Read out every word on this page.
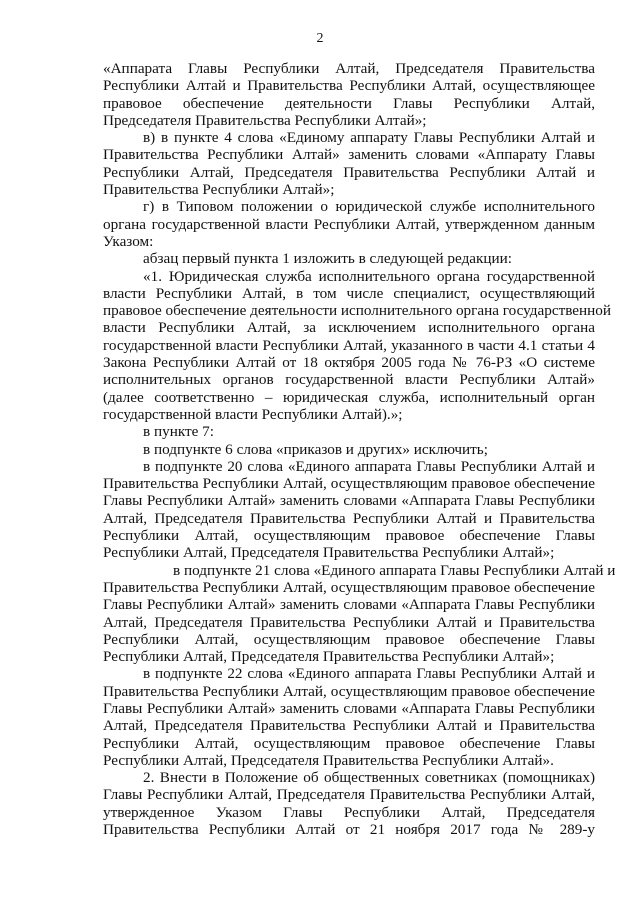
2
«Аппарата Главы Республики Алтай, Председателя Правительства
Республики Алтай и Правительства Республики Алтай, осуществляющее
правовое обеспечение деятельности Главы Республики Алтай,
Председателя Правительства Республики Алтай»;
в) в пункте 4 слова «Единому аппарату Главы Республики Алтай и
Правительства Республики Алтай» заменить словами «Аппарату Главы
Республики Алтай, Председателя Правительства Республики Алтай и
Правительства Республики Алтай»;
г) в Типовом положении о юридической службе исполнительного
органа государственной власти Республики Алтай, утвержденном данным
Указом:
абзац первый пункта 1 изложить в следующей редакции:
«1. Юридическая служба исполнительного органа государственной
власти Республики Алтай, в том числе специалист, осуществляющий
правовое обеспечение деятельности исполнительного органа государственной
власти Республики Алтай, за исключением исполнительного органа
государственной власти Республики Алтай, указанного в части 4.1 статьи 4
Закона Республики Алтай от 18 октября 2005 года № 76-РЗ «О системе
исполнительных органов государственной власти Республики Алтай»
(далее соответственно – юридическая служба, исполнительный орган
государственной власти Республики Алтай).»;
в пункте 7:
в подпункте 6 слова «приказов и других» исключить;
в подпункте 20 слова «Единого аппарата Главы Республики Алтай и
Правительства Республики Алтай, осуществляющим правовое обеспечение
Главы Республики Алтай» заменить словами «Аппарата Главы Республики
Алтай, Председателя Правительства Республики Алтай и Правительства
Республики Алтай, осуществляющим правовое обеспечение Главы
Республики Алтай, Председателя Правительства Республики Алтай»;
в подпункте 21 слова «Единого аппарата Главы Республики Алтай и
Правительства Республики Алтай, осуществляющим правовое обеспечение
Главы Республики Алтай» заменить словами «Аппарата Главы Республики
Алтай, Председателя Правительства Республики Алтай и Правительства
Республики Алтай, осуществляющим правовое обеспечение Главы
Республики Алтай, Председателя Правительства Республики Алтай»;
в подпункте 22 слова «Единого аппарата Главы Республики Алтай и
Правительства Республики Алтай, осуществляющим правовое обеспечение
Главы Республики Алтай» заменить словами «Аппарата Главы Республики
Алтай, Председателя Правительства Республики Алтай и Правительства
Республики Алтай, осуществляющим правовое обеспечение Главы
Республики Алтай, Председателя Правительства Республики Алтай».
2. Внести в Положение об общественных советниках (помощниках)
Главы Республики Алтай, Председателя Правительства Республики Алтай,
утвержденное Указом Главы Республики Алтай, Председателя
Правительства Республики Алтай от 21 ноября 2017 года № 289-у
